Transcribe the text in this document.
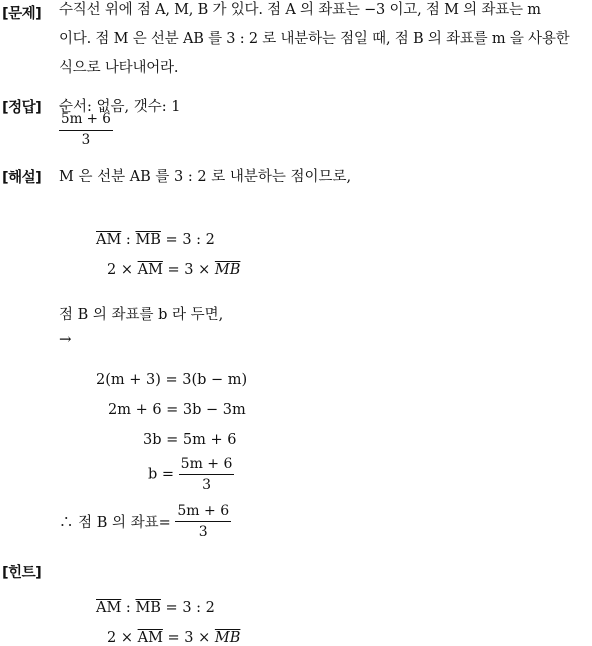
[문제] 수직선 위에 점 A, M, B 가 있다. 점 A 의 좌표는 −3 이고, 점 M 의 좌표는 m
이다. 점 M 은 선분 AB 를 3 : 2 로 내분하는 점일 때, 점 B 의 좌표를 m 을 사용한
식으로 나타내어라.
[정답] 순서: 없음, 갯수: 1
$\frac{5m + 6}{3}$
[해설] M 은 선분 AB 를 3 : 2 로 내분하는 점이므로,
$\overline{AM}$ : $\overline{MB} = 3$ : 2
$2 \times \overline{AM} = 3 \times \overline{MB}$
점 B 의 좌표를 b 라 두면,
→
2(m + 3) = 3(b − m)
2m + 6 = 3b − 3m
3b = 5m + 6
$b = \frac{5m + 6}{3}$
∴ 점 B 의 좌표= $\frac{5m + 6}{3}$
[힌트]
$\overline{AM}$ : $\overline{MB} = 3$ : 2
$2 \times \overline{AM} = 3 \times \overline{MB}$
